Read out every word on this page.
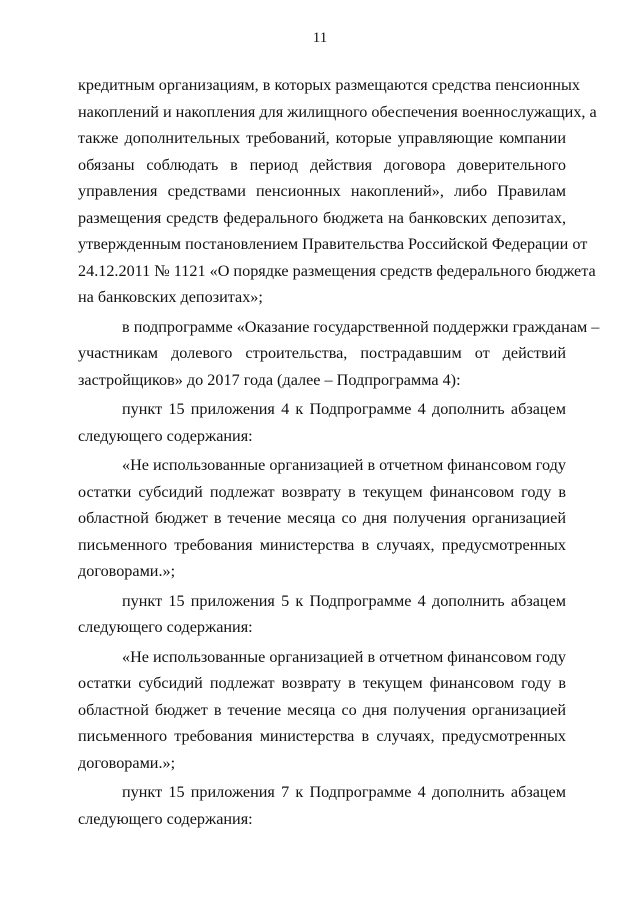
11
кредитным организациям, в которых размещаются средства пенсионных
накоплений и накопления для жилищного обеспечения военнослужащих, а
также дополнительных требований, которые управляющие компании
обязаны соблюдать в период действия договора доверительного
управления средствами пенсионных накоплений», либо Правилам
размещения средств федерального бюджета на банковских депозитах,
утвержденным постановлением Правительства Российской Федерации от
24.12.2011 № 1121 «О порядке размещения средств федерального бюджета
на банковских депозитах»;
в подпрограмме «Оказание государственной поддержки гражданам –
участникам долевого строительства, пострадавшим от действий
застройщиков» до 2017 года (далее – Подпрограмма 4):
пункт 15 приложения 4 к Подпрограмме 4 дополнить абзацем
следующего содержания:
«Не использованные организацией в отчетном финансовом году
остатки субсидий подлежат возврату в текущем финансовом году в
областной бюджет в течение месяца со дня получения организацией
письменного требования министерства в случаях, предусмотренных
договорами.»;
пункт 15 приложения 5 к Подпрограмме 4 дополнить абзацем
следующего содержания:
«Не использованные организацией в отчетном финансовом году
остатки субсидий подлежат возврату в текущем финансовом году в
областной бюджет в течение месяца со дня получения организацией
письменного требования министерства в случаях, предусмотренных
договорами.»;
пункт 15 приложения 7 к Подпрограмме 4 дополнить абзацем
следующего содержания:
